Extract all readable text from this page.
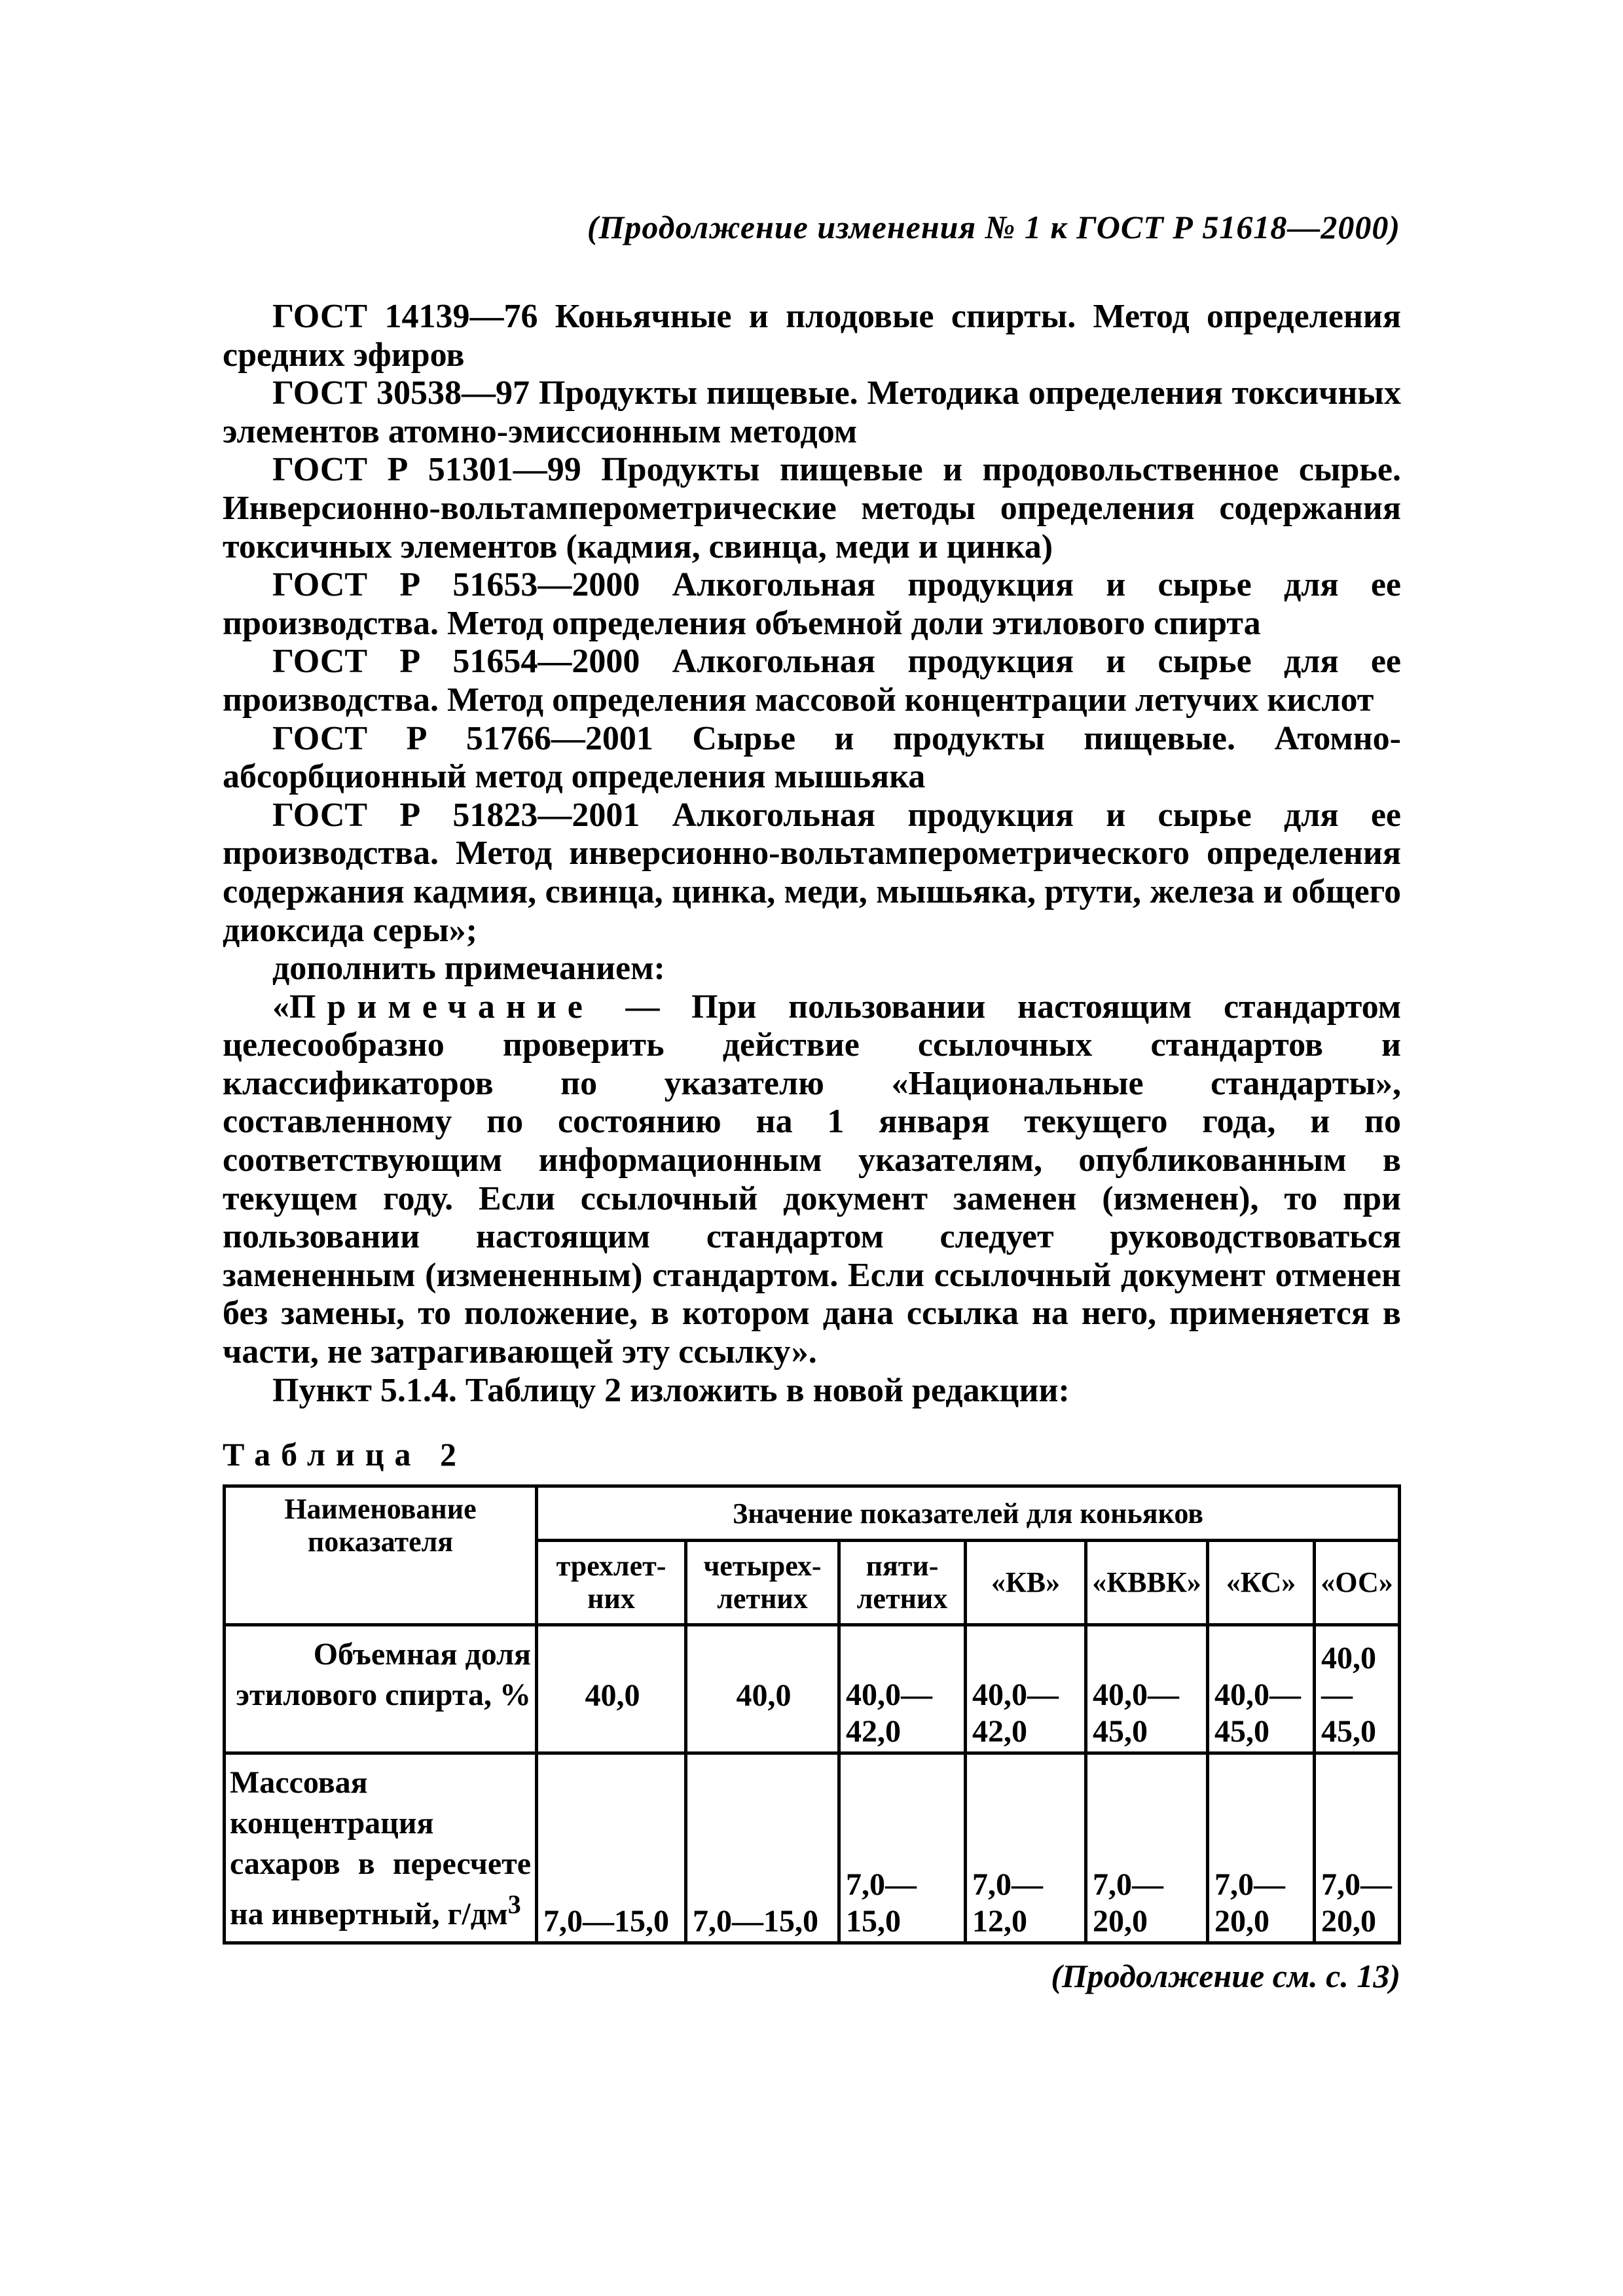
(Продолжение изменения № 1 к ГОСТ Р 51618—2000)

ГОСТ 14139—76 Коньячные и плодовые спирты. Метод определения средних эфиров

ГОСТ 30538—97 Продукты пищевые. Методика определения токсичных элементов атомно-эмиссионным методом

ГОСТ Р 51301—99 Продукты пищевые и продовольственное сырье. Инверсионно-вольтамперометрические методы определения содержания токсичных элементов (кадмия, свинца, меди и цинка)

ГОСТ Р 51653—2000 Алкогольная продукция и сырье для ее производства. Метод определения объемной доли этилового спирта

ГОСТ Р 51654—2000 Алкогольная продукция и сырье для ее производства. Метод определения массовой концентрации летучих кислот

ГОСТ Р 51766—2001 Сырье и продукты пищевые. Атомно-абсорбционный метод определения мышьяка

ГОСТ Р 51823—2001 Алкогольная продукция и сырье для ее производства. Метод инверсионно-вольтамперометрического определения содержания кадмия, свинца, цинка, меди, мышьяка, ртути, железа и общего диоксида серы»;

дополнить примечанием:

«Примечание — При пользовании настоящим стандартом целесообразно проверить действие ссылочных стандартов и классификаторов по указателю «Национальные стандарты», составленному по состоянию на 1 января текущего года, и по соответствующим информационным указателям, опубликованным в текущем году. Если ссылочный документ заменен (изменен), то при пользовании настоящим стандартом следует руководствоваться замененным (измененным) стандартом. Если ссылочный документ отменен без замены, то положение, в котором дана ссылка на него, применяется в части, не затрагивающей эту ссылку».

Пункт 5.1.4. Таблицу 2 изложить в новой редакции:

Таблица 2
Наименование показателя	Значение показателей для коньяков						
	трехлет-них	четырех-летних	пяти-летних	«КВ»	«КВВК»	«КС»	«ОС»
Объемная доля этилового спирта, %	40,0	40,0	40,0—42,0	40,0—42,0	40,0—45,0	40,0—45,0	40,0—45,0
Массовая концентрация сахаров в пересчете на инвертный, $г/дм^3$	7,0—15,0	7,0—15,0	7,0—15,0	7,0—12,0	7,0—20,0	7,0—20,0	7,0—20,0
(Продолжение см. с. 13)
